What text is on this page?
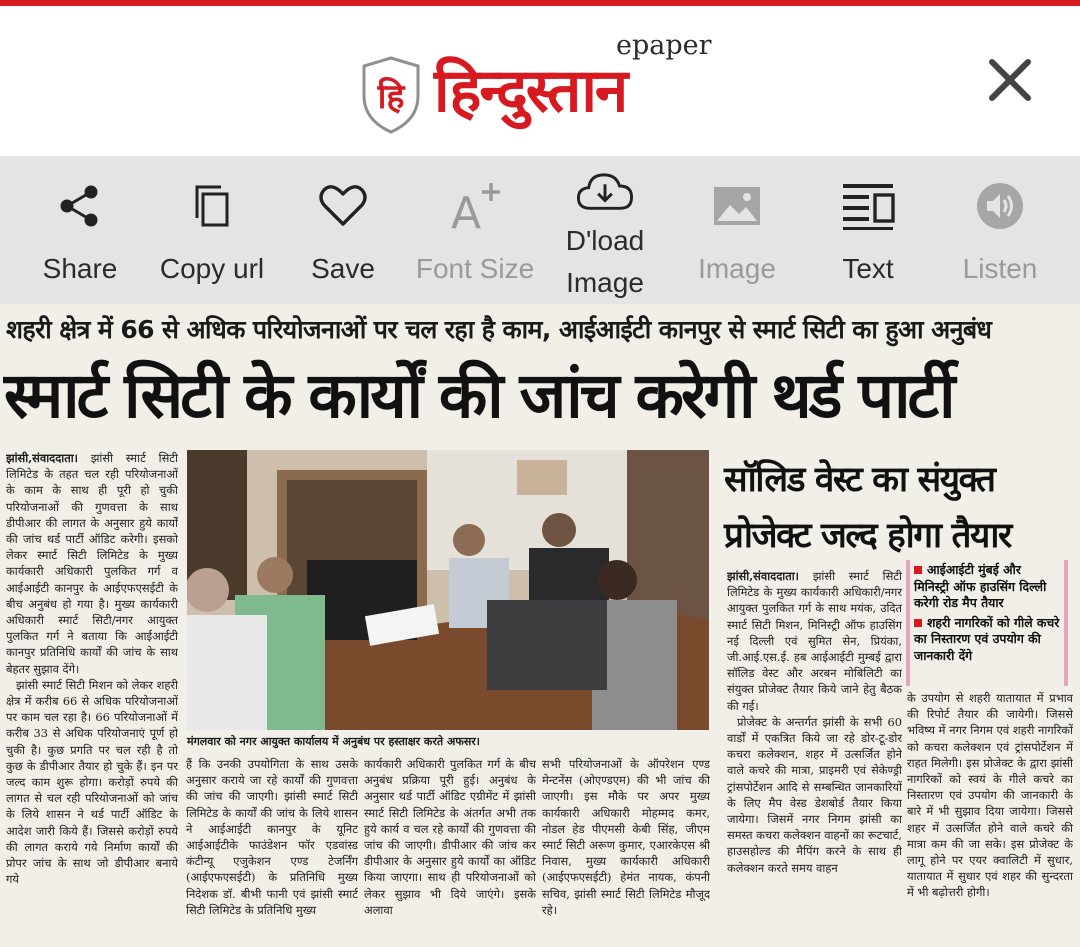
हि हिन्दुस्तान
epaper
Share Copy url Save
A
Font Size
D'load
Image Image Text Listen
शहरी क्षेत्र में 66 से अधिक परियोजनाओं पर चल रहा है काम, आईआईटी कानपुर से स्मार्ट सिटी का हुआ अनुबंध
स्मार्ट सिटी के कार्यों की जांच करेगी थर्ड पार्टी

झांसी,संवाददाता। झांसी स्मार्ट सिटी लिमिटेड के तहत चल रही परियोजनाओं के काम के साथ ही पूरी हो चुकी परियोजनाओं की गुणवत्ता के साथ डीपीआर की लागत के अनुसार हुये कार्यों की जांच थर्ड पार्टी ऑडिट करेगी। इसको लेकर स्मार्ट सिटी लिमिटेड के मुख्य कार्यकारी अधिकारी पुलकित गर्ग व आईआईटी कानपुर के आईएफएसईटी के बीच अनुबंध हो गया है। मुख्य कार्यकारी अधिकारी स्मार्ट सिटी/नगर आयुक्त पुलकित गर्ग ने बताया कि आईआईटी कानपुर प्रतिनिधि कार्यों की जांच के साथ बेहतर सुझाव देंगे।

झांसी स्मार्ट सिटी मिशन को लेकर शहरी क्षेत्र में करीब 66 से अधिक परियोजनाओं पर काम चल रहा है। 66 परियोजनाओं में करीब 33 से अधिक परियोजनाएं पूर्ण हो चुकी है। कुछ प्रगति पर चल रही है तो कुछ के डीपीआर तैयार हो चुके हैं। इन पर जल्द काम शुरू होगा। करोड़ों रुपये की लागत से चल रही परियोजनाओं को जांच के लिये शासन ने थर्ड पार्टी ऑडिट के आदेश जारी किये हैं। जिससे करोड़ों रुपये की लागत कराये गये निर्माण कार्यों की प्रोपर जांच के साथ जो डीपीआर बनाये गये

मंगलवार को नगर आयुक्त कार्यालय में अनुबंध पर हस्ताक्षर करते अफसर।

हैं कि उनकी उपयोगिता के साथ उसके अनुसार कराये जा रहे कार्यों की गुणवत्ता की जांच की जाएगी। झांसी स्मार्ट सिटी लिमिटेड के कार्यों की जांच के लिये शासन ने आईआईटी कानपुर के यूनिट आईआईटीके फाउंडेशन फॉर एडवांस्ड कंटीन्यू एजुकेशन एण्ड टेजर्निंग (आईएफएसईटी) के प्रतिनिधि मुख्य निदेशक डॉ. बीभी फानी एवं झांसी स्मार्ट सिटी लिमिटेड के प्रतिनिधि मुख्य

कार्यकारी अधिकारी पुलकित गर्ग के बीच अनुबंध प्रक्रिया पूरी हुई। अनुबंध के अनुसार थर्ड पार्टी ऑडिट एग्रीमेंट में झांसी स्मार्ट सिटी लिमिटेड के अंतर्गत अभी तक हुये कार्य व चल रहे कार्यों की गुणवत्ता की जांच की जाएगी। डीपीआर की जांच कर डीपीआर के अनुसार हुये कार्यों का ऑडिट किया जाएगा। साथ ही परियोजनाओं को लेकर सुझाव भी दिये जाएंगे। इसके अलावा

सभी परियोजनाओं के ऑपरेशन एण्ड मेन्टनेंस (ओएण्डएम) की भी जांच की जाएगी। इस मौके पर अपर मुख्य कार्यकारी अधिकारी मोहम्मद कमर, नोडल हेड पीएमसी केबी सिंह, जीएम स्मार्ट सिटी अरूण कुमार, एआरकेएस श्री निवास, मुख्य कार्यकारी अधिकारी (आईएफएसईटी) हेमंत नायक, कंपनी सचिव, झांसी स्मार्ट सिटी लिमिटेड मौजूद रहे।

सॉलिड वेस्ट का संयुक्त
प्रोजेक्ट जल्द होगा तैयार
आईआईटी मुंबई और मिनिस्ट्री ऑफ हाउसिंग दिल्ली करेगी रोड मैप तैयार
शहरी नागरिकों को गीले कचरे का निस्तारण एवं उपयोग की जानकारी देंगे

झांसी,संवाददाता। झांसी स्मार्ट सिटी लिमिटेड के मुख्य कार्यकारी अधिकारी/नगर आयुक्त पुलकित गर्ग के साथ मयंक, उदित स्मार्ट सिटी मिशन, मिनिस्ट्री ऑफ हाउसिंग नई दिल्ली एवं सुमित सेन, प्रियंका, जी.आई.एस.ई. हब आईआईटी मुम्बई द्वारा सॉलिड वेस्ट और अरबन मोबिलिटी का संयुक्त प्रोजेक्ट तैयार किये जाने हेतु बैठक की गई।

प्रोजेक्ट के अन्तर्गत झांसी के सभी 60 वार्डों में एकत्रित किये जा रहे डोर-टू-डोर कचरा कलेक्शन, शहर में उत्सर्जित होने वाले कचरे की मात्रा, प्राइमरी एवं सेकेण्ड्री ट्रांसपोर्टेशन आदि से सम्बन्धित जानकारियों के लिए मैप वेस्ड डेशबोर्ड तैयार किया जायेगा। जिसमें नगर निगम झांसी का समस्त कचरा कलेक्शन वाहनों का रूटचार्ट, हाउसहोल्ड की मैपिंग करने के साथ ही कलेक्शन करते समय वाहन

के उपयोग से शहरी यातायात में प्रभाव की रिपोर्ट तैयार की जायेगी। जिससे भविष्य में नगर निगम एवं शहरी नागरिकों को कचरा कलेक्शन एवं ट्रांसपोर्टेशन में राहत मिलेगी। इस प्रोजेक्ट के द्वारा झांसी नागरिकों को स्वयं के गीले कचरे का निस्तारण एवं उपयोग की जानकारी के बारे में भी सुझाव दिया जायेगा। जिससे शहर में उत्सर्जित होने वाले कचरे की मात्रा कम की जा सके। इस प्रोजेक्ट के लागू होने पर एयर क्वालिटी में सुधार, यातायात में सुधार एवं शहर की सुन्दरता में भी बढ़ोत्तरी होगी।
